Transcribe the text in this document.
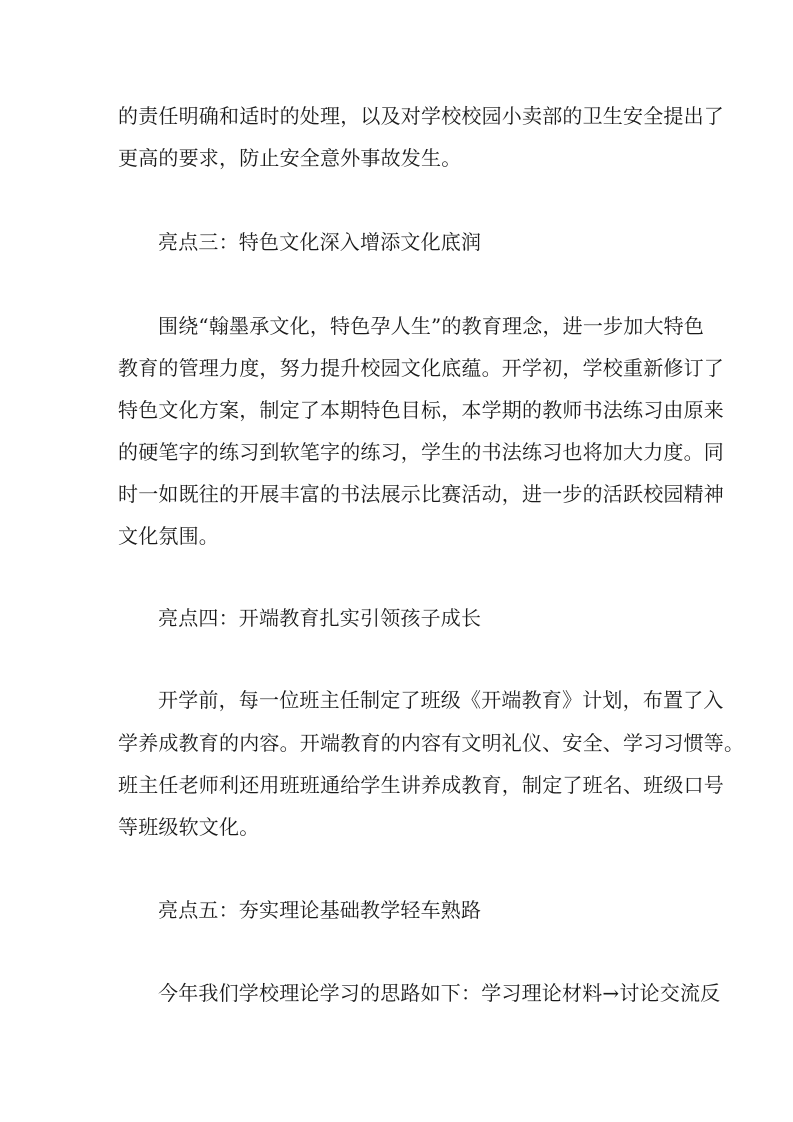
的责任明确和适时的处理，以及对学校校园小卖部的卫生安全提出了
更高的要求，防止安全意外事故发生。
亮点三：特色文化深入增添文化底润
围绕“翰墨承文化，特色孕人生”的教育理念，进一步加大特色
教育的管理力度，努力提升校园文化底蕴。开学初，学校重新修订了
特色文化方案，制定了本期特色目标，本学期的教师书法练习由原来
的硬笔字的练习到软笔字的练习，学生的书法练习也将加大力度。同
时一如既往的开展丰富的书法展示比赛活动，进一步的活跃校园精神
文化氛围。
亮点四：开端教育扎实引领孩子成长
开学前，每一位班主任制定了班级《开端教育》计划，布置了入
学养成教育的内容。开端教育的内容有文明礼仪、安全、学习习惯等。
班主任老师利还用班班通给学生讲养成教育，制定了班名、班级口号
等班级软文化。
亮点五：夯实理论基础教学轻车熟路
今年我们学校理论学习的思路如下：学习理论材料→讨论交流反
